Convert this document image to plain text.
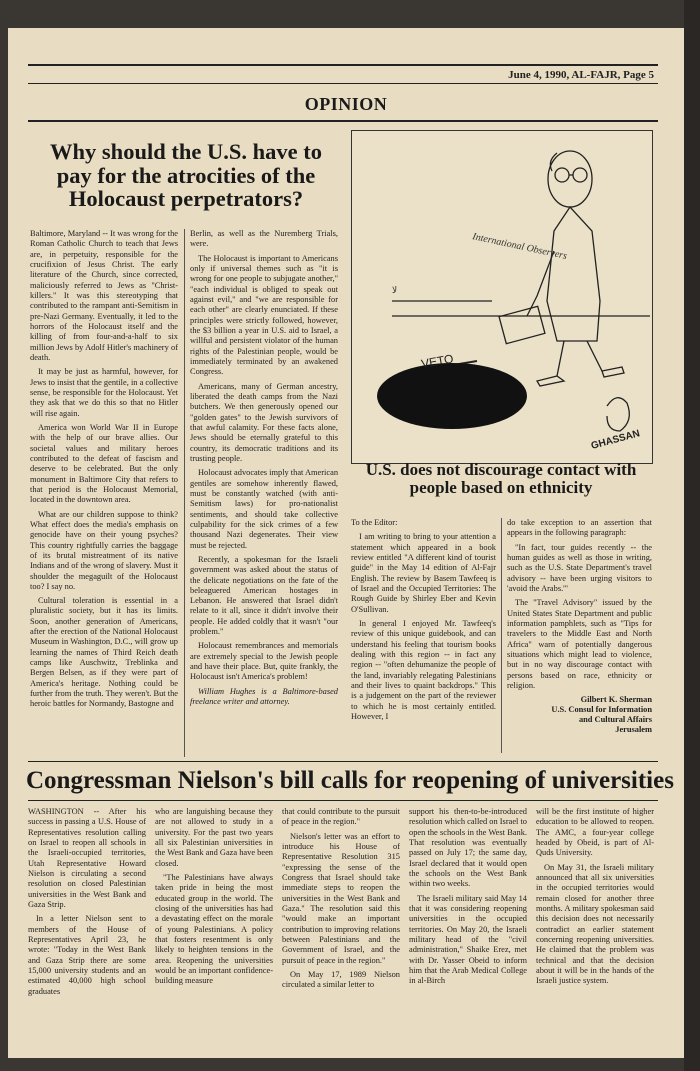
June 4, 1990, AL-FAJR, Page 5
OPINION
Why should the U.S. have to pay for the atrocities of the Holocaust perpetrators?

Baltimore, Maryland -- It was wrong for the Roman Catholic Church to teach that Jews are, in perpetuity, responsible for the crucifixion of Jesus Christ. The early literature of the Church, since corrected, maliciously referred to Jews as "Christ-killers." It was this stereotyping that contributed to the rampant anti-Semitism in pre-Nazi Germany. Eventually, it led to the horrors of the Holocaust itself and the killing of from four-and-a-half to six million Jews by Adolf Hitler's machinery of death.

It may be just as harmful, however, for Jews to insist that the gentile, in a collective sense, be responsible for the Holocaust. Yet they ask that we do this so that no Hitler will rise again.

America won World War II in Europe with the help of our brave allies. Our societal values and military heroes contributed to the defeat of fascism and deserve to be celebrated. But the only monument in Baltimore City that refers to that period is the Holocaust Memorial, located in the downtown area.

What are our children suppose to think? What effect does the media's emphasis on genocide have on their young psyches? This country rightfully carries the baggage of its brutal mistreatment of its native Indians and of the wrong of slavery. Must it shoulder the megaguilt of the Holocaust too? I say no.

Cultural toleration is essential in a pluralistic society, but it has its limits. Soon, another generation of Americans, after the erection of the National Holocaust Museum in Washington, D.C., will grow up learning the names of Third Reich death camps like Auschwitz, Treblinka and Bergen Belsen, as if they were part of America's heritage. Nothing could be further from the truth. They weren't. But the heroic battles for Normandy, Bastogne and

Berlin, as well as the Nuremberg Trials, were.

The Holocaust is important to Americans only if universal themes such as "it is wrong for one people to subjugate another," "each individual is obliged to speak out against evil," and "we are responsible for each other" are clearly enunciated. If these principles were strictly followed, however, the $3 billion a year in U.S. aid to Israel, a willful and persistent violator of the human rights of the Palestinian people, would be immediately terminated by an awakened Congress.

Americans, many of German ancestry, liberated the death camps from the Nazi butchers. We then generously opened our "golden gates" to the Jewish survivors of that awful calamity. For these facts alone, Jews should be eternally grateful to this country, its democratic traditions and its trusting people.

Holocaust advocates imply that American gentiles are somehow inherently flawed, must be constantly watched (with anti-Semitism laws) for pro-nationalist sentiments, and should take collective culpability for the sick crimes of a few thousand Nazi degenerates. Their view must be rejected.

Recently, a spokesman for the Israeli government was asked about the status of the delicate negotiations on the fate of the beleaguered American hostages in Lebanon. He answered that Israel didn't relate to it all, since it didn't involve their people. He added coldly that it wasn't "our problem."

Holocaust remembrances and memorials are extremely special to the Jewish people and have their place. But, quite frankly, the Holocaust isn't America's problem!

William Hughes is a Baltimore-based freelance writer and attorney.

International Observers
VETO
GHASSAN
ﻻ
U.S. does not discourage contact with people based on ethnicity

To the Editor:

I am writing to bring to your attention a statement which appeared in a book review entitled "A different kind of tourist guide" in the May 14 edition of Al-Fajr English. The review by Basem Tawfeeq is of Israel and the Occupied Territories: The Rough Guide by Shirley Eber and Kevin O'Sullivan.

In general I enjoyed Mr. Tawfeeq's review of this unique guidebook, and can understand his feeling that tourism books dealing with this region -- in fact any region -- "often dehumanize the people of the land, invariably relegating Palestinians and their lives to quaint backdrops." This is a judgement on the part of the reviewer to which he is most certainly entitled. However, I

do take exception to an assertion that appears in the following paragraph:

"In fact, tour guides recently -- the human guides as well as those in writing, such as the U.S. State Department's travel advisory -- have been urging visitors to 'avoid the Arabs.'"

The "Travel Advisory" issued by the United States State Department and public information pamphlets, such as "Tips for travelers to the Middle East and North Africa" warn of potentially dangerous situations which might lead to violence, but in no way discourage contact with persons based on race, ethnicity or religion.

Gilbert K. Sherman
U.S. Consul for Information
and Cultural Affairs
Jerusalem
Congressman Nielson's bill calls for reopening of universities

WASHINGTON -- After his success in passing a U.S. House of Representatives resolution calling on Israel to reopen all schools in the Israeli-occupied territories, Utah Representative Howard Nielson is circulating a second resolution on closed Palestinian universities in the West Bank and Gaza Strip.

In a letter Nielson sent to members of the House of Representatives April 23, he wrote: "Today in the West Bank and Gaza Strip there are some 15,000 university students and an estimated 40,000 high school graduates

who are languishing because they are not allowed to study in a university. For the past two years all six Palestinian universities in the West Bank and Gaza have been closed.

"The Palestinians have always taken pride in being the most educated group in the world. The closing of the universities has had a devastating effect on the morale of young Palestinians. A policy that fosters resentment is only likely to heighten tensions in the area. Reopening the universities would be an important confidence-building measure

that could contribute to the pursuit of peace in the region."

Nielson's letter was an effort to introduce his House of Representative Resolution 315 "expressing the sense of the Congress that Israel should take immediate steps to reopen the universities in the West Bank and Gaza." The resolution said this "would make an important contribution to improving relations between Palestinians and the Government of Israel, and the pursuit of peace in the region."

On May 17, 1989 Nielson circulated a similar letter to

support his then-to-be-introduced resolution which called on Israel to open the schools in the West Bank. That resolution was eventually passed on July 17; the same day, Israel declared that it would open the schools on the West Bank within two weeks.

The Israeli military said May 14 that it was considering reopening universities in the occupied territories. On May 20, the Israeli military head of the "civil administration," Shaike Erez, met with Dr. Yasser Obeid to inform him that the Arab Medical College in al-Birch

will be the first institute of higher education to be allowed to reopen. The AMC, a four-year college headed by Obeid, is part of Al-Quds University.

On May 31, the Israeli military announced that all six universities in the occupied territories would remain closed for another three months. A military spokesman said this decision does not necessarily contradict an earlier statement concerning reopening universities. He claimed that the problem was technical and that the decision about it will be in the hands of the Israeli justice system.
